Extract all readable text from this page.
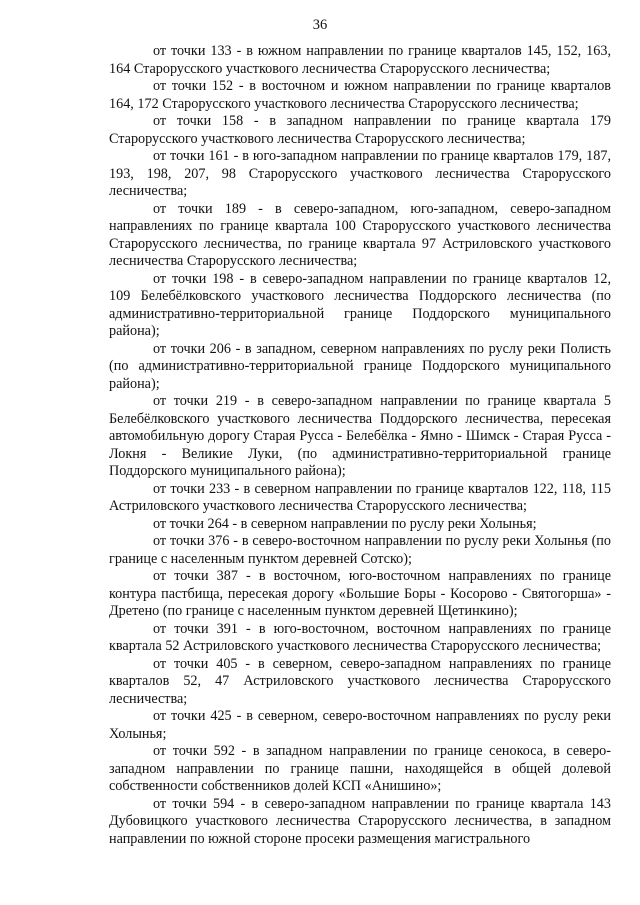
36

от точки 133 - в южном направлении по границе кварталов 145, 152, 163, 164 Старорусского участкового лесничества Старорусского лесничества;

от точки 152 - в восточном и южном направлении по границе кварталов 164, 172 Старорусского участкового лесничества Старорусского лесничества;

от точки 158 - в западном направлении по границе квартала 179 Старорусского участкового лесничества Старорусского лесничества;

от точки 161 - в юго-западном направлении по границе кварталов 179, 187, 193, 198, 207, 98 Старорусского участкового лесничества Старорусского лесничества;

от точки 189 - в северо-западном, юго-западном, северо-западном направлениях по границе квартала 100 Старорусского участкового лесничества Старорусского лесничества, по границе квартала 97 Астриловского участкового лесничества Старорусского лесничества;

от точки 198 - в северо-западном направлении по границе кварталов 12, 109 Белебёлковского участкового лесничества Поддорского лесничества (по административно-территориальной границе Поддорского муниципального района);

от точки 206 - в западном, северном направлениях по руслу реки Полисть (по административно-территориальной границе Поддорского муниципального района);

от точки 219 - в северо-западном направлении по границе квартала 5 Белебёлковского участкового лесничества Поддорского лесничества, пересекая автомобильную дорогу Старая Русса - Белебёлка - Ямно - Шимск - Старая Русса - Локня - Великие Луки, (по административно-территориальной границе Поддорского муниципального района);

от точки 233 - в северном направлении по границе кварталов 122, 118, 115 Астриловского участкового лесничества Старорусского лесничества;

от точки 264 - в северном направлении по руслу реки Холынья;

от точки 376 - в северо-восточном направлении по руслу реки Холынья (по границе с населенным пунктом деревней Сотско);

от точки 387 - в восточном, юго-восточном направлениях по границе контура пастбища, пересекая дорогу «Большие Боры - Косорово - Святогорша» - Дретено (по границе с населенным пунктом деревней Щетинкино);

от точки 391 - в юго-восточном, восточном направлениях по границе квартала 52 Астриловского участкового лесничества Старорусского лесничества;

от точки 405 - в северном, северо-западном направлениях по границе кварталов 52, 47 Астриловского участкового лесничества Старорусского лесничества;

от точки 425 - в северном, северо-восточном направлениях по руслу реки Холынья;

от точки 592 - в западном направлении по границе сенокоса, в северо-западном направлении по границе пашни, находящейся в общей долевой собственности собственников долей КСП «Анишино»;

от точки 594 - в северо-западном направлении по границе квартала 143 Дубовицкого участкового лесничества Старорусского лесничества, в западном направлении по южной стороне просеки размещения магистрального
